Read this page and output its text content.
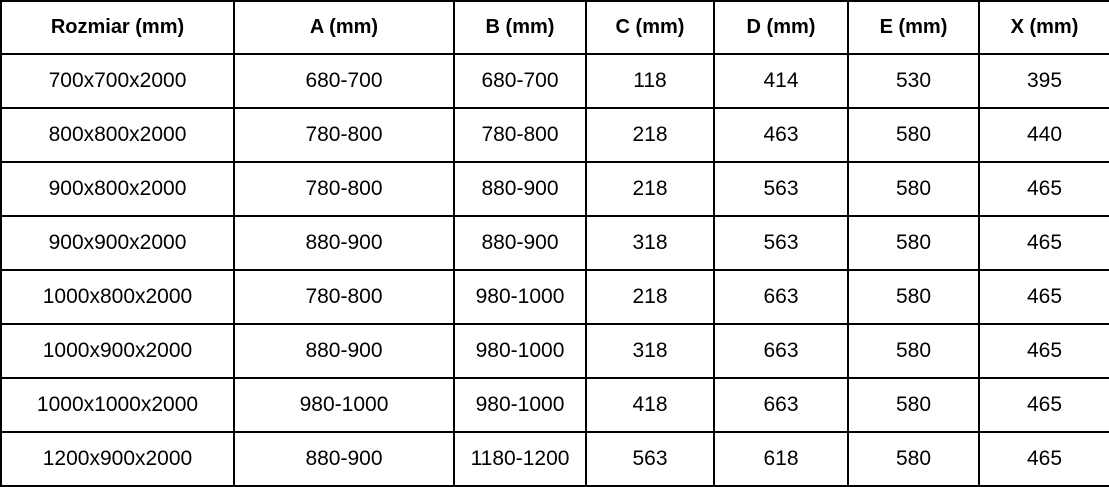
Rozmiar (mm)	A (mm)	B (mm)	C (mm)	D (mm)	E (mm)	X (mm)
700x700x2000	680-700	680-700	118	414	530	395
800x800x2000	780-800	780-800	218	463	580	440
900x800x2000	780-800	880-900	218	563	580	465
900x900x2000	880-900	880-900	318	563	580	465
1000x800x2000	780-800	980-1000	218	663	580	465
1000x900x2000	880-900	980-1000	318	663	580	465
1000x1000x2000	980-1000	980-1000	418	663	580	465
1200x900x2000	880-900	1180-1200	563	618	580	465
